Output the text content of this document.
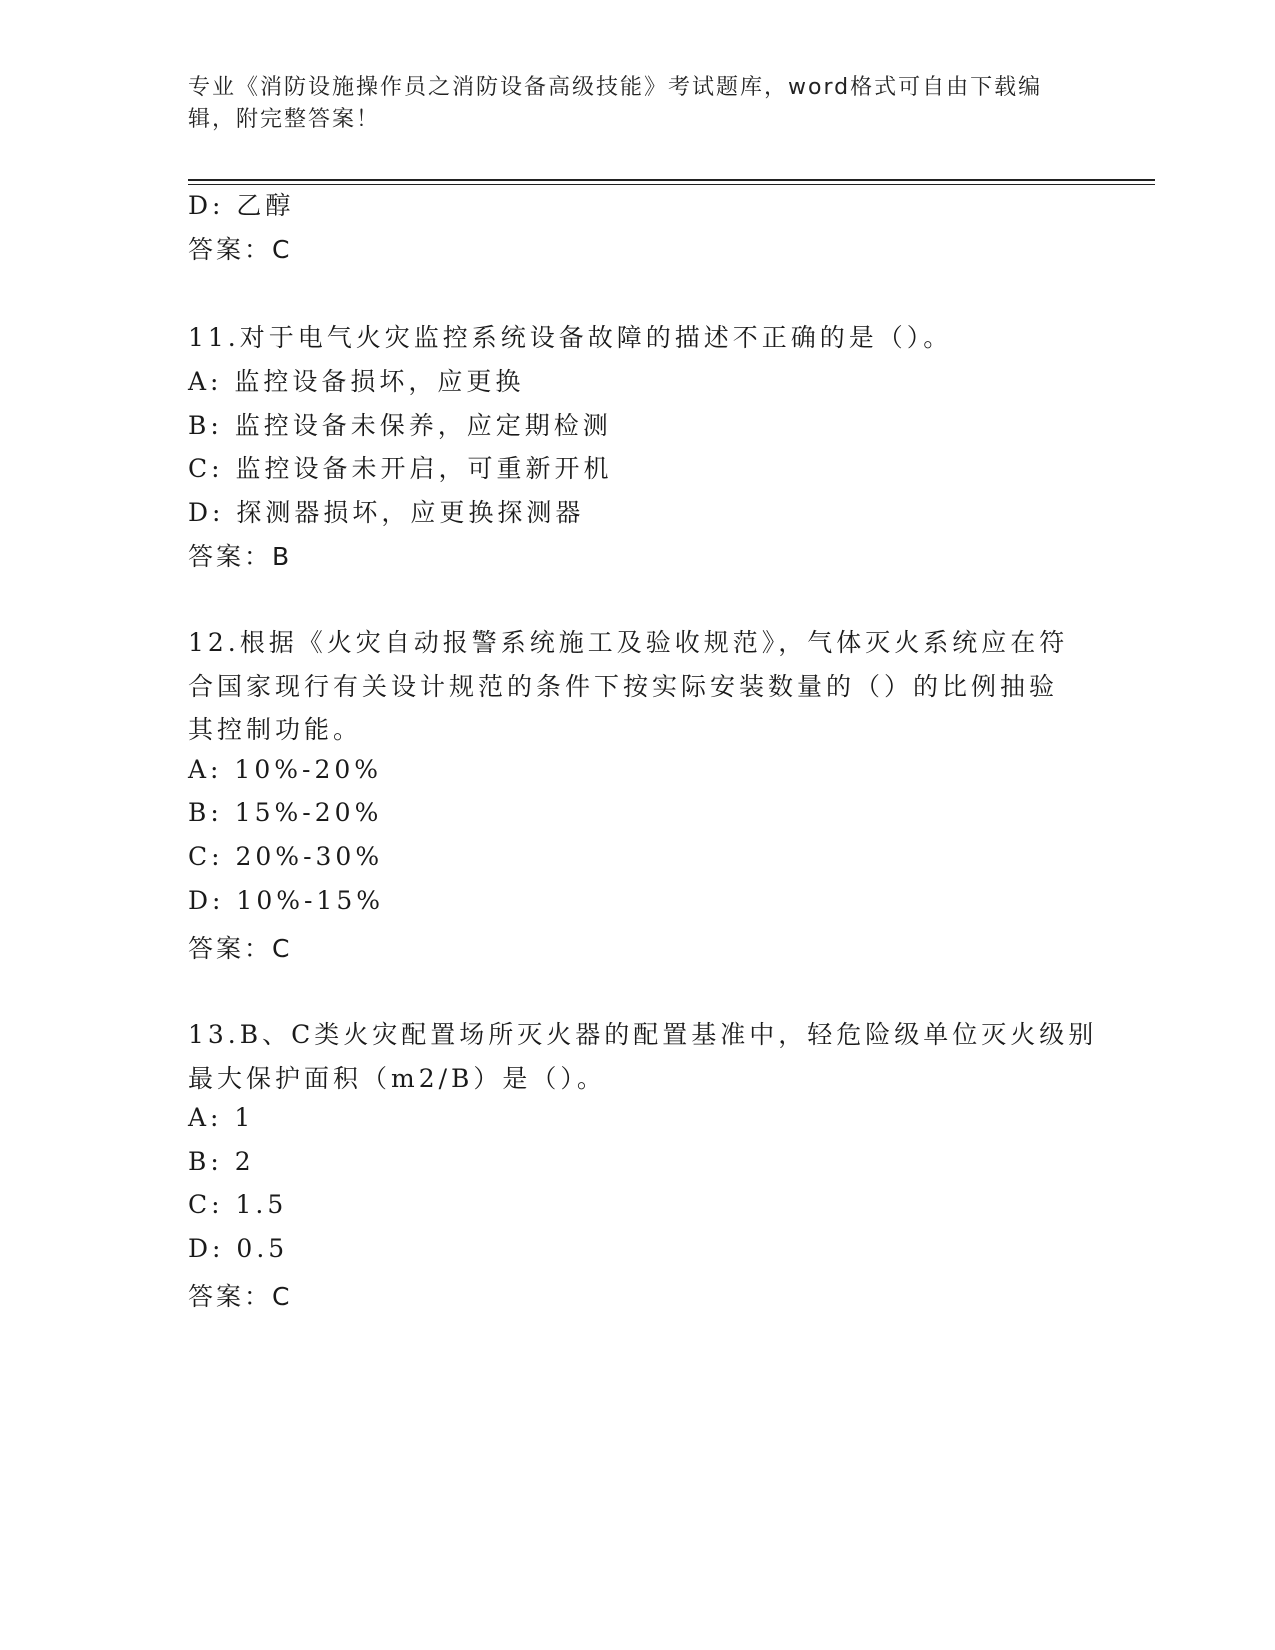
专业《消防设施操作员之消防设备高级技能》考试题库，word格式可自由下载编
辑，附完整答案！
D: 乙醇
答案：C
11.对于电气火灾监控系统设备故障的描述不正确的是（）。
A: 监控设备损坏，应更换
B: 监控设备未保养，应定期检测
C: 监控设备未开启，可重新开机
D: 探测器损坏，应更换探测器
答案：B
12.根据《火灾自动报警系统施工及验收规范》，气体灭火系统应在符
合国家现行有关设计规范的条件下按实际安装数量的（）的比例抽验
其控制功能。
A: 10%-20%
B: 15%-20%
C: 20%-30%
D: 10%-15%
答案：C
13.B、C类火灾配置场所灭火器的配置基准中，轻危险级单位灭火级别
最大保护面积（m2/B）是（）。
A: 1
B: 2
C: 1.5
D: 0.5
答案：C
